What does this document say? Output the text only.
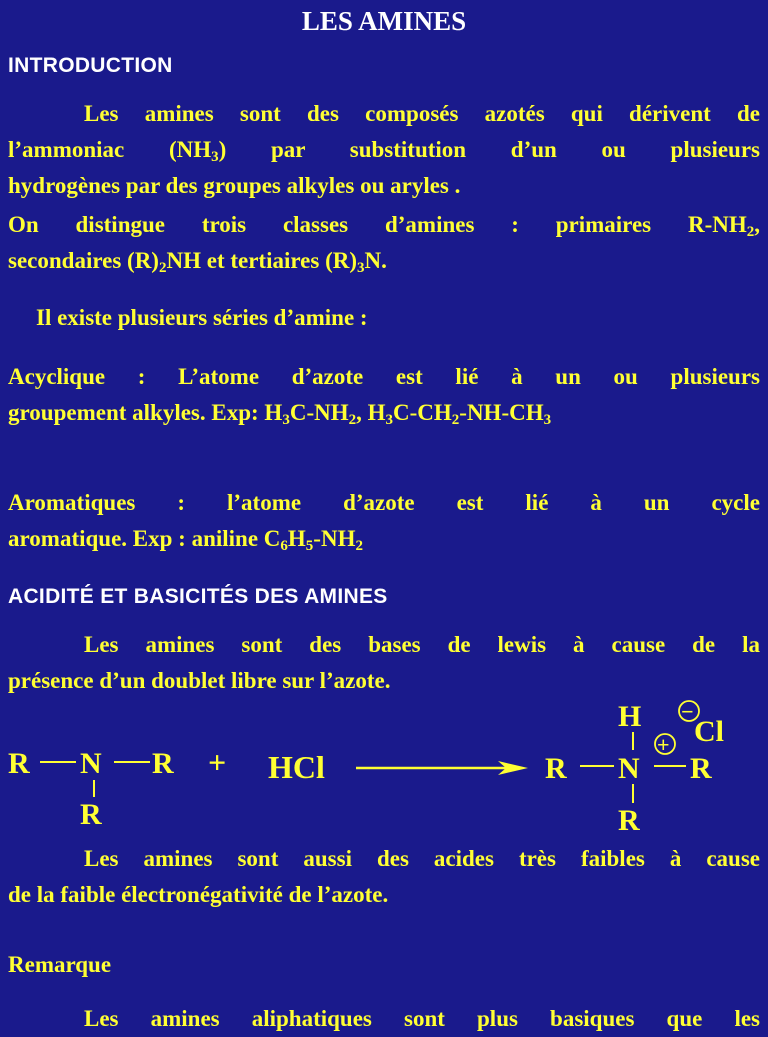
LES AMINES
INTRODUCTION
Les amines sont des composés azotés qui dérivent de
l’ammoniac $(NH_3)$ par substitution d’un ou plusieurs
hydrogènes par des groupes alkyles ou aryles .
On distingue trois classes d’amines : primaires $R-NH_2$,
secondaires $(R)_2NH$ et tertiaires $(R)_3N$.
Il existe plusieurs séries d’amine :
Acyclique : L’atome d’azote est lié à un ou plusieurs
groupement alkyles. Exp: $H_3C-NH_2$, $H_3C-CH_2-NH-CH_3$
Aromatiques : l’atome d’azote est lié à un cycle
aromatique. Exp : aniline $C_6H_5-NH_2$
ACIDITÉ ET BASICITÉS DES AMINES
Les amines sont des bases de lewis à cause de la
présence d’un doublet libre sur l’azote.
R N R
R
+ HCl	R N R
H
R
+
−
Cl
Les amines sont aussi des acides très faibles à cause
de la faible électronégativité de l’azote.
Remarque
Les amines aliphatiques sont plus basiques que les
